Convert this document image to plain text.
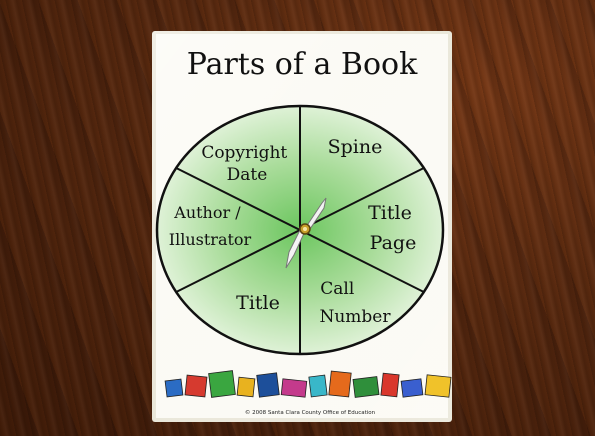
Parts of a Book
Copyright Date
Spine
Title Page
Call Number
Title
Author / Illustrator
© 2008 Santa Clara County Office of Education
